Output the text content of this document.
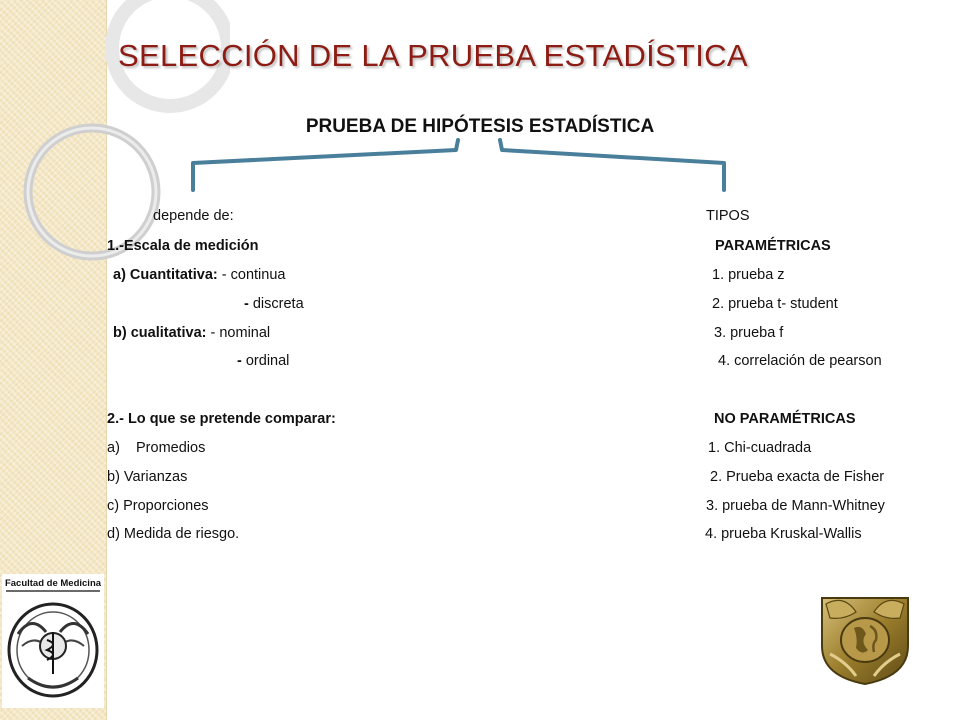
SELECCIÓN DE LA PRUEBA ESTADÍSTICA
PRUEBA DE HIPÓTESIS ESTADÍSTICA
depende de:
1.-Escala de medición
a) Cuantitativa: - continua
- discreta
b) cualitativa: - nominal
- ordinal
2.- Lo que se pretende comparar:
a)    Promedios
b) Varianzas
c) Proporciones
d) Medida de riesgo.
TIPOS
PARAMÉTRICAS
1. prueba z
2. prueba t- student
3. prueba f
4. correlación de pearson
NO PARAMÉTRICAS
1. Chi-cuadrada
2. Prueba exacta de Fisher
3. prueba de Mann-Whitney
4. prueba Kruskal-Wallis
Facultad de Medicina
